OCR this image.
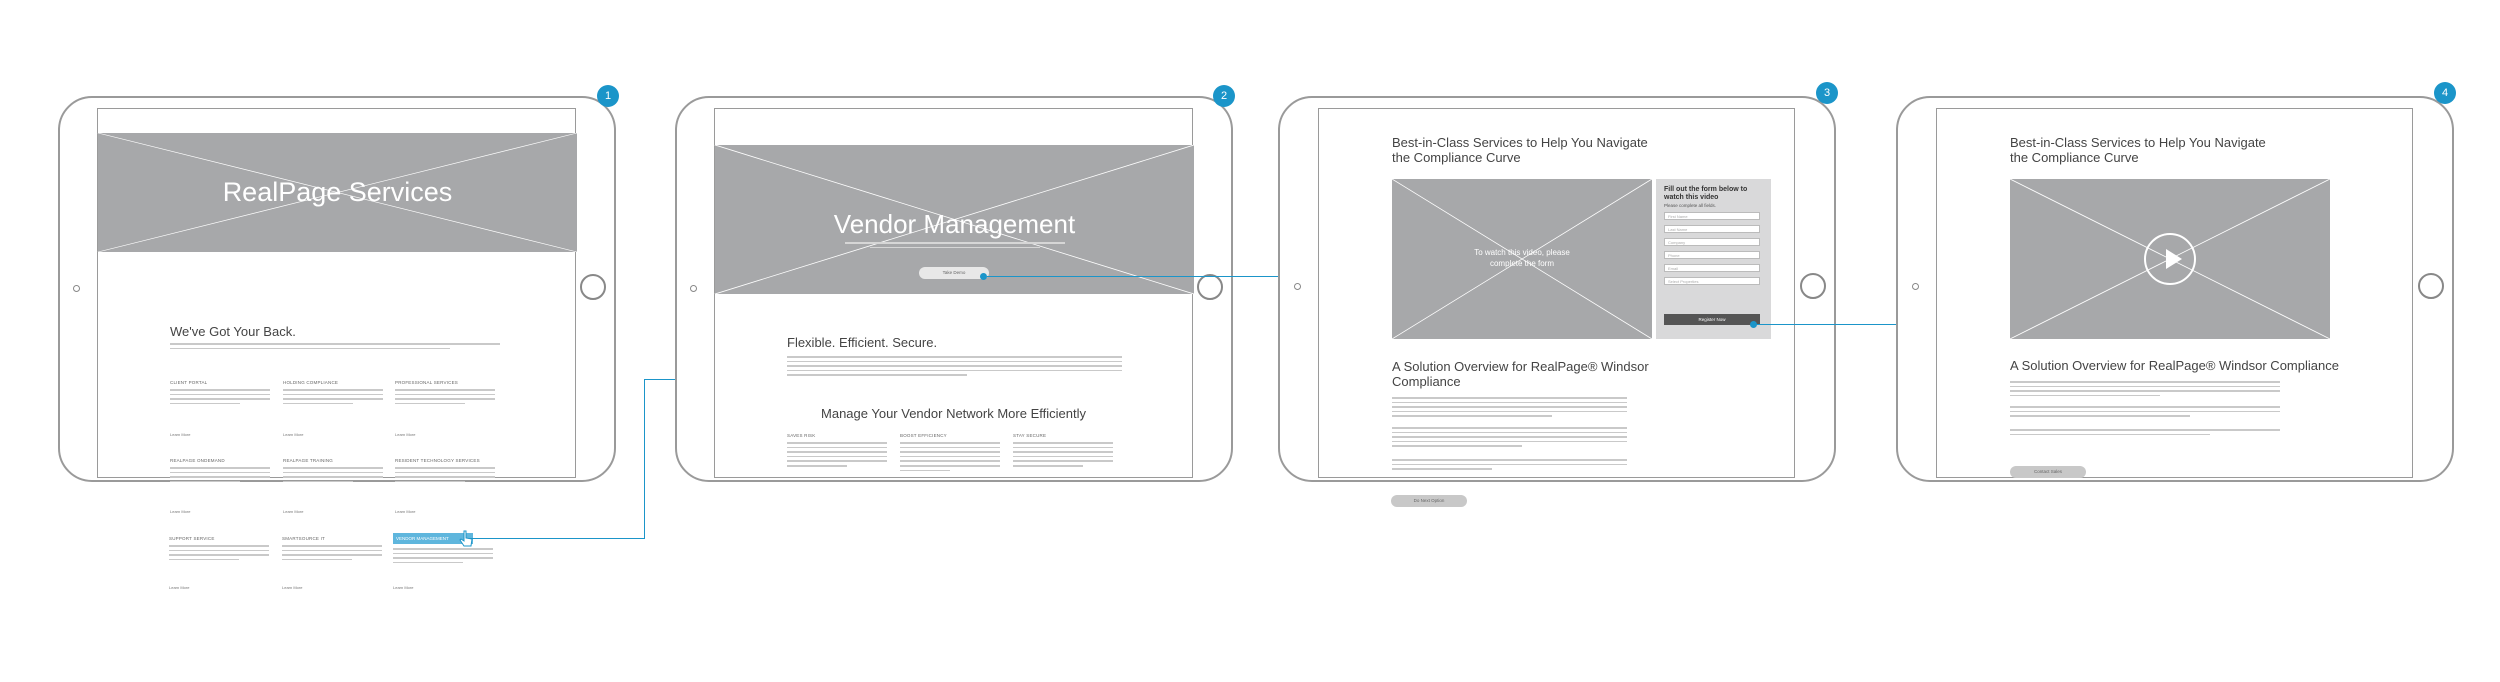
1
RealPage Services
We've Got Your Back.
CLIENT PORTAL
Learn More
HOLDING COMPLIANCE
Learn More
PROFESSIONAL SERVICES
Learn More
REALPAGE ONDEMAND
Learn More
REALPAGE TRAINING
Learn More
RESIDENT TECHNOLOGY SERVICES
Learn More
SUPPORT SERVICE
Learn More
SMARTSOURCE IT
Learn More
VENDOR MANAGEMENT
Learn More
2
Vendor Management
Take Demo
Flexible. Efficient. Secure.
Manage Your Vendor Network More Efficiently
SAVES RISK	BOOST EFFICIENCY	STAY SECURE
3
Best-in-Class Services to Help You Navigate the Compliance Curve
To watch this video, please complete the form
Fill out the form below to watch this video
Please complete all fields.
First Name
Last Name
Company
Phone
Email
Select Properties
Register Now
A Solution Overview for RealPage® Windsor Compliance
Do Next Option
4
Best-in-Class Services to Help You Navigate the Compliance Curve
A Solution Overview for RealPage® Windsor Compliance
Contact Sales
